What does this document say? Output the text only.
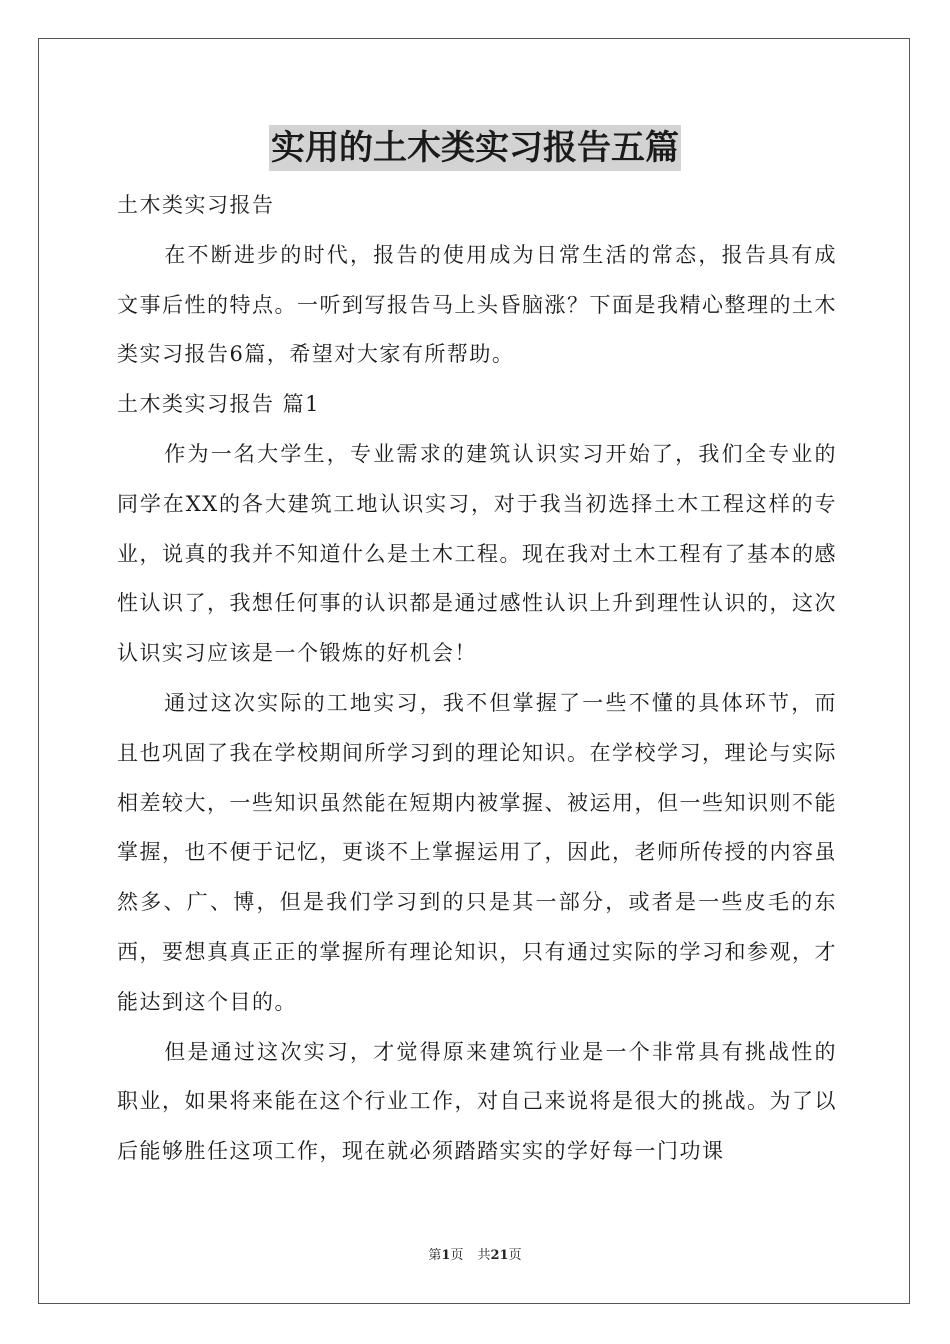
实用的土木类实习报告五篇

土木类实习报告

在不断进步的时代，报告的使用成为日常生活的常态，报告具有成文事后性的特点。一听到写报告马上头昏脑涨？下面是我精心整理的土木类实习报告6篇，希望对大家有所帮助。

土木类实习报告 篇1

作为一名大学生，专业需求的建筑认识实习开始了，我们全专业的同学在XX的各大建筑工地认识实习，对于我当初选择土木工程这样的专业，说真的我并不知道什么是土木工程。现在我对土木工程有了基本的感性认识了，我想任何事的认识都是通过感性认识上升到理性认识的，这次认识实习应该是一个锻炼的好机会！

通过这次实际的工地实习，我不但掌握了一些不懂的具体环节，而且也巩固了我在学校期间所学习到的理论知识。在学校学习，理论与实际相差较大，一些知识虽然能在短期内被掌握、被运用，但一些知识则不能掌握，也不便于记忆，更谈不上掌握运用了，因此，老师所传授的内容虽然多、广、博，但是我们学习到的只是其一部分，或者是一些皮毛的东西，要想真真正正的掌握所有理论知识，只有通过实际的学习和参观，才能达到这个目的。

但是通过这次实习，才觉得原来建筑行业是一个非常具有挑战性的职业，如果将来能在这个行业工作，对自己来说将是很大的挑战。为了以后能够胜任这项工作，现在就必须踏踏实实的学好每一门功课

第1页 共21页
